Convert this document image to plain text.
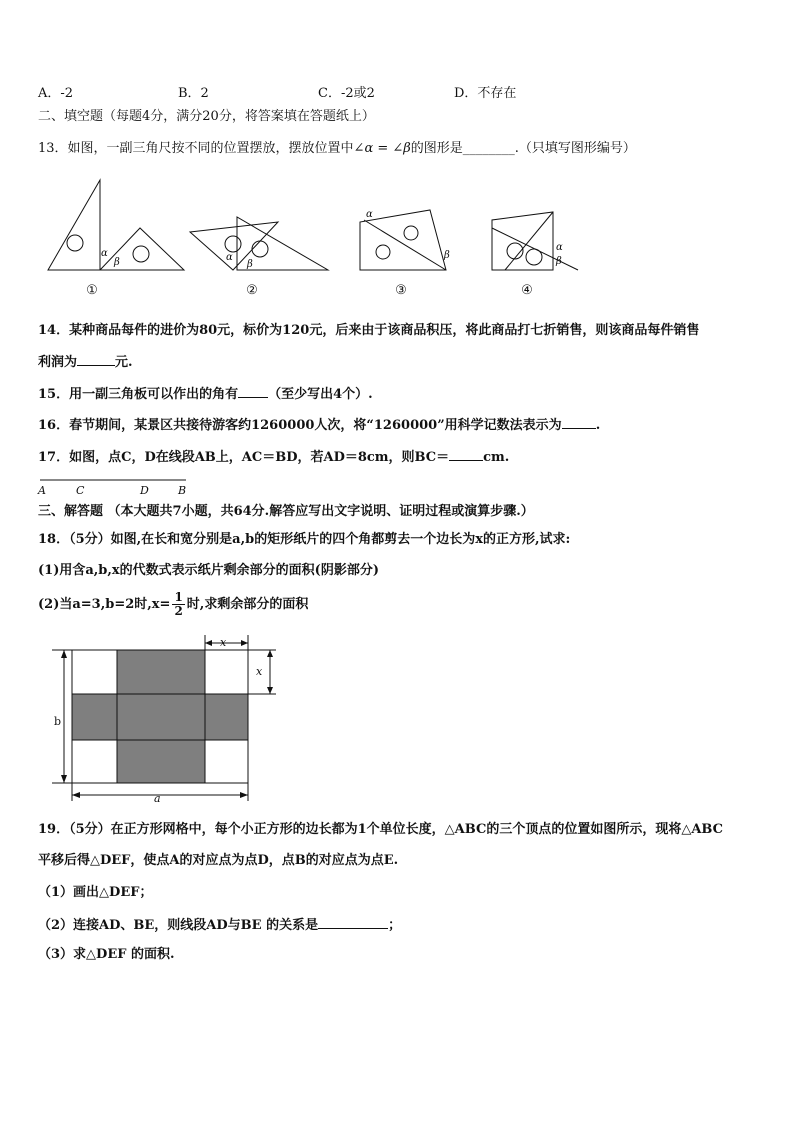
A．-2	B．2	C．-2或2	D．不存在
二、填空题（每题4分，满分20分，将答案填在答题纸上）
13．如图，一副三角尺按不同的位置摆放，摆放位置中∠α = ∠β的图形是________.（只填写图形编号）
α
β	α
β
α
β
α
β
①	②	③	④
14．某种商品每件的进价为80元，标价为120元，后来由于该商品积压，将此商品打七折销售，则该商品每件销售
利润为	元.
15．用一副三角板可以作出的角有 （至少写出4个）.
16．春节期间，某景区共接待游客约1260000人次，将“1260000”用科学记数法表示为	.
17．如图，点C，D在线段AB上，AC＝BD，若AD＝8cm，则BC＝	cm.
A	C	D	B
三、解答题 （本大题共7小题，共64分.解答应写出文字说明、证明过程或演算步骤.）
18．（5分）如图,在长和宽分别是a,b的矩形纸片的四个角都剪去一个边长为x的正方形,试求:
(1)用含a,b,x的代数式表示纸片剩余部分的面积(阴影部分)
(2)当a=3,b=2时$,x= \frac{1}{2}$ 时,求剩余部分的面积
x
x
b
a
19．（5分）在正方形网格中，每个小正方形的边长都为1个单位长度，△ABC的三个顶点的位置如图所示，现将△ABC
平移后得△DEF，使点A的对应点为点D，点B的对应点为点E.
（1）画出△DEF；
（2）连接AD、BE，则线段AD与BE 的关系是	；
（3）求△DEF 的面积.
